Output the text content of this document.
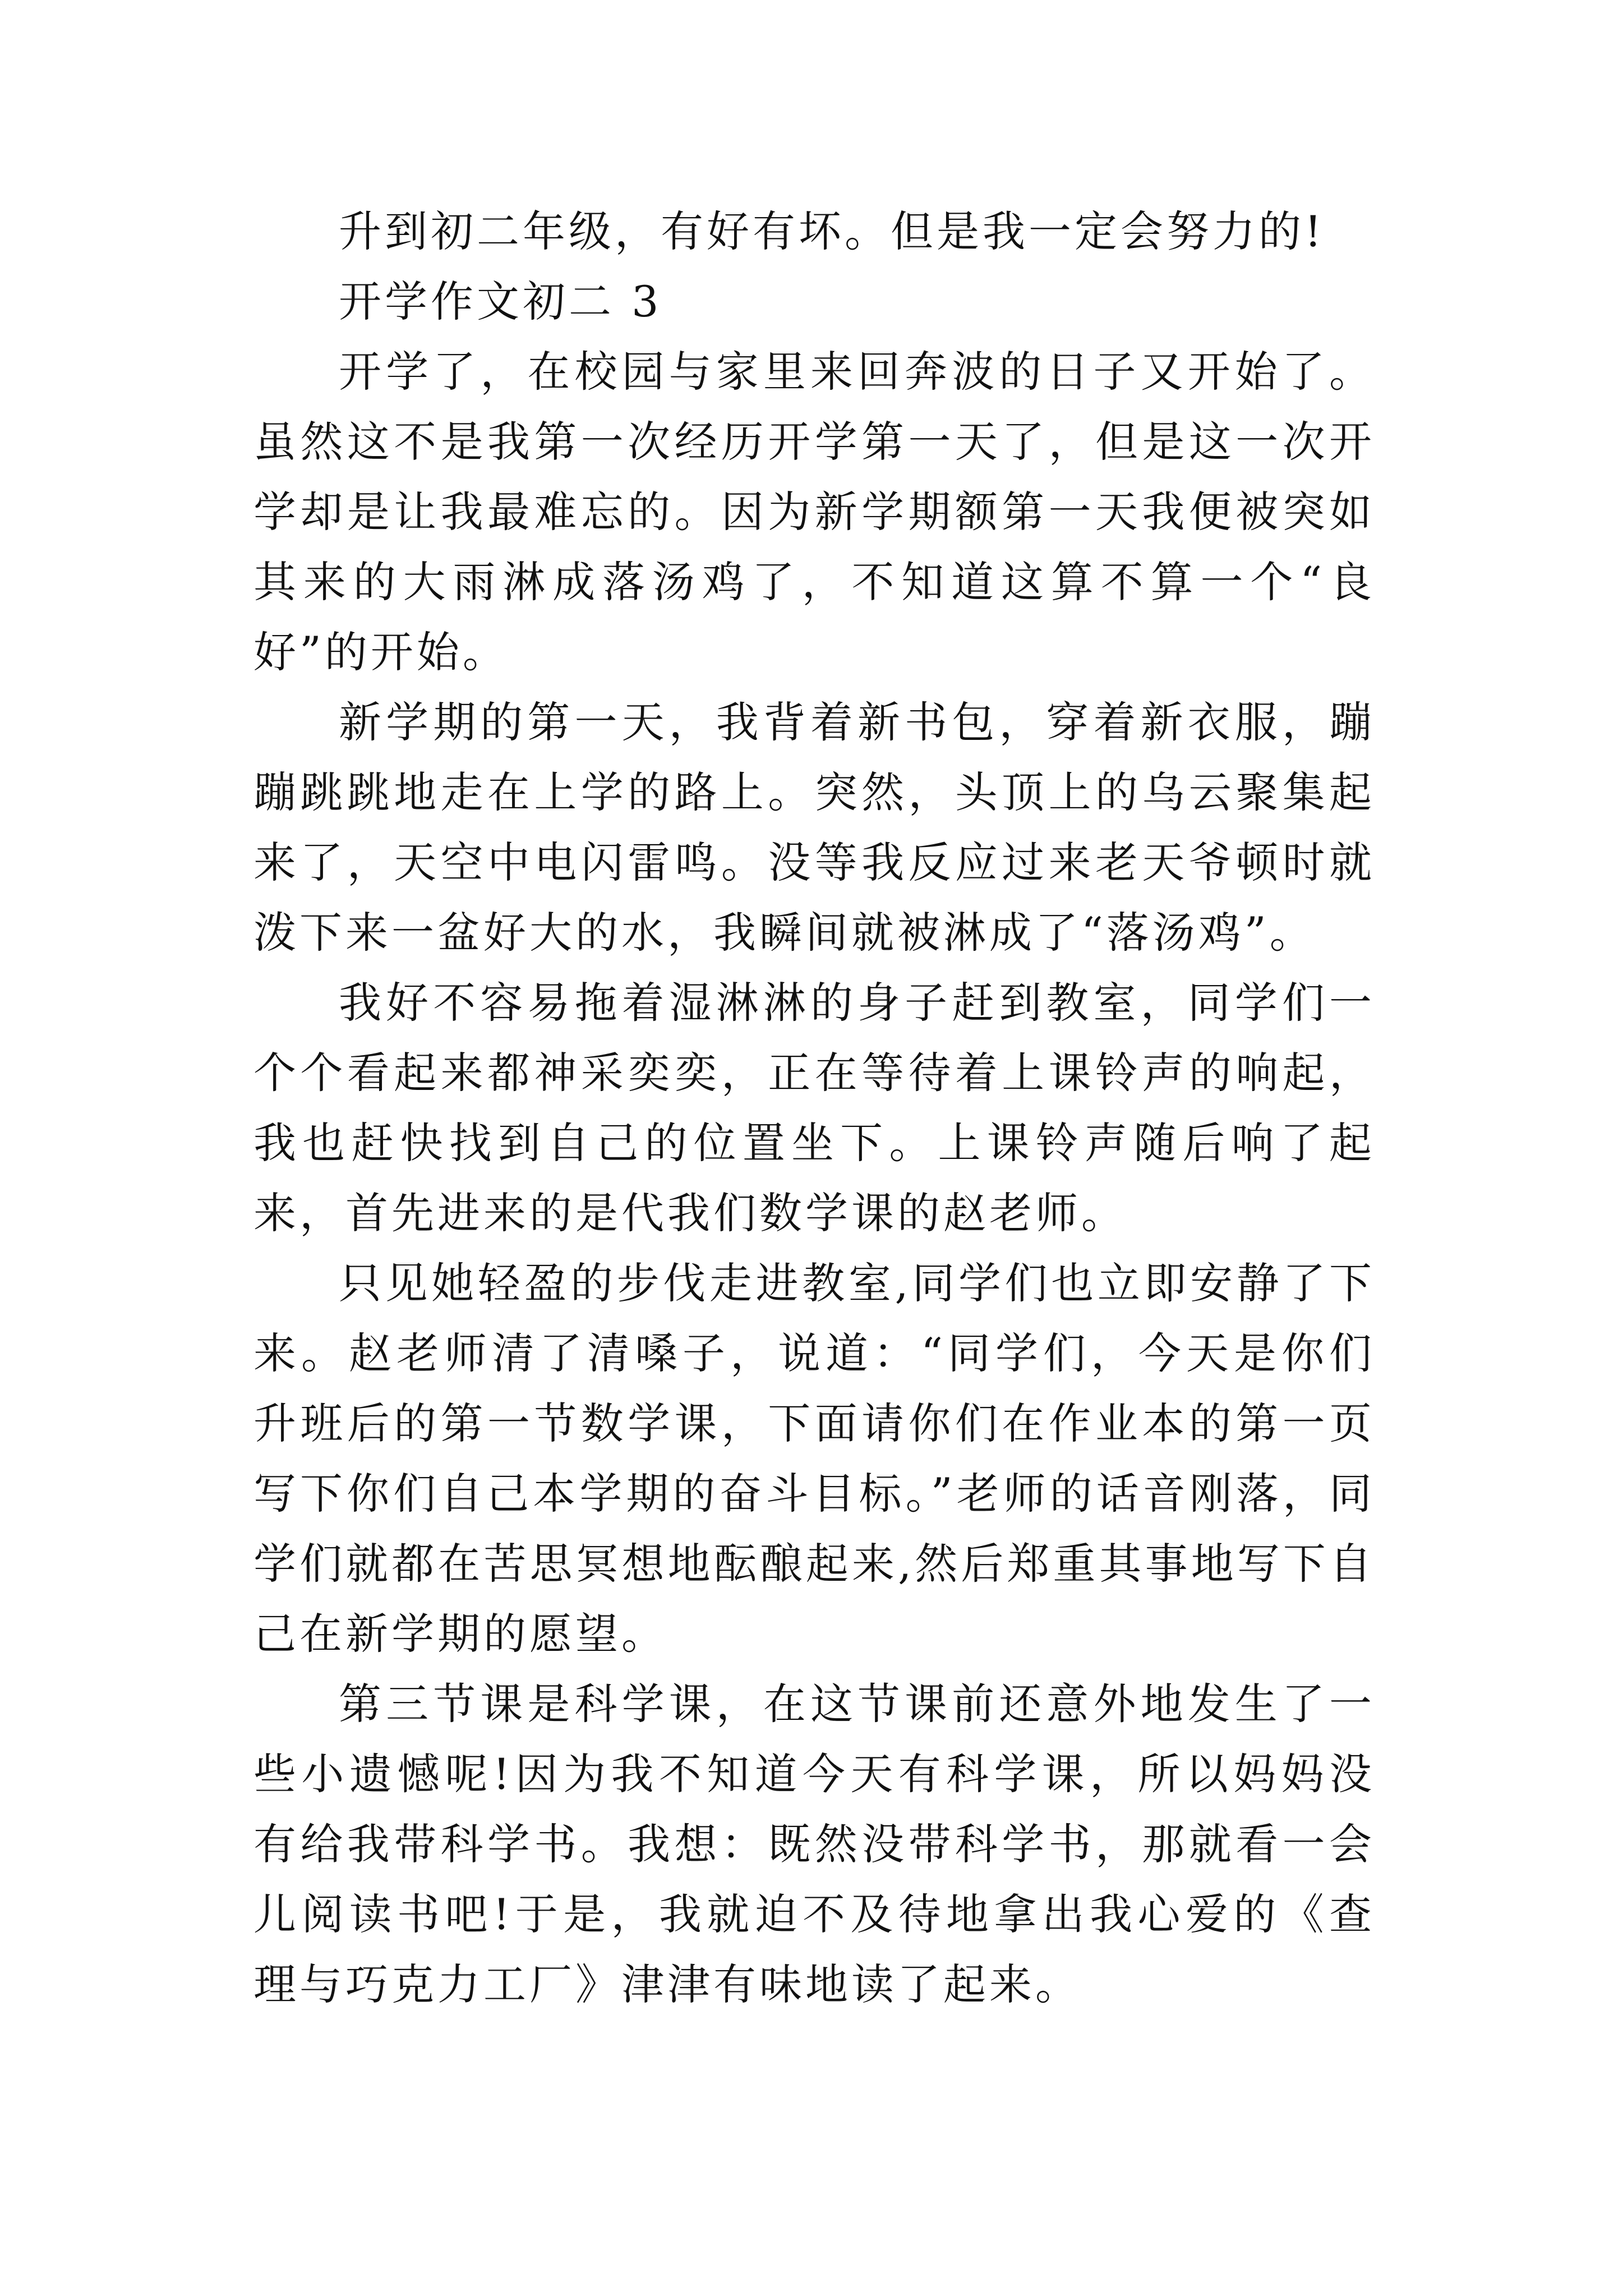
升到初二年级，有好有坏。但是我一定会努力的!

开学作文初二 3

开学了，在校园与家里来回奔波的日子又开始了。虽然这不是我第一次经历开学第一天了，但是这一次开学却是让我最难忘的。因为新学期额第一天我便被突如其来的大雨淋成落汤鸡了，不知道这算不算一个“良好”的开始。

新学期的第一天，我背着新书包，穿着新衣服，蹦蹦跳跳地走在上学的路上。突然，头顶上的乌云聚集起来了，天空中电闪雷鸣。没等我反应过来老天爷顿时就泼下来一盆好大的水，我瞬间就被淋成了“落汤鸡”。

我好不容易拖着湿淋淋的身子赶到教室，同学们一个个看起来都神采奕奕，正在等待着上课铃声的响起，我也赶快找到自己的位置坐下。上课铃声随后响了起来，首先进来的是代我们数学课的赵老师。

只见她轻盈的步伐走进教室,同学们也立即安静了下来。赵老师清了清嗓子，说道：“同学们，今天是你们升班后的第一节数学课，下面请你们在作业本的第一页写下你们自己本学期的奋斗目标。”老师的话音刚落，同学们就都在苦思冥想地酝酿起来,然后郑重其事地写下自己在新学期的愿望。

第三节课是科学课，在这节课前还意外地发生了一些小遗憾呢!因为我不知道今天有科学课，所以妈妈没有给我带科学书。我想：既然没带科学书，那就看一会儿阅读书吧!于是，我就迫不及待地拿出我心爱的《查理与巧克力工厂》津津有味地读了起来。
